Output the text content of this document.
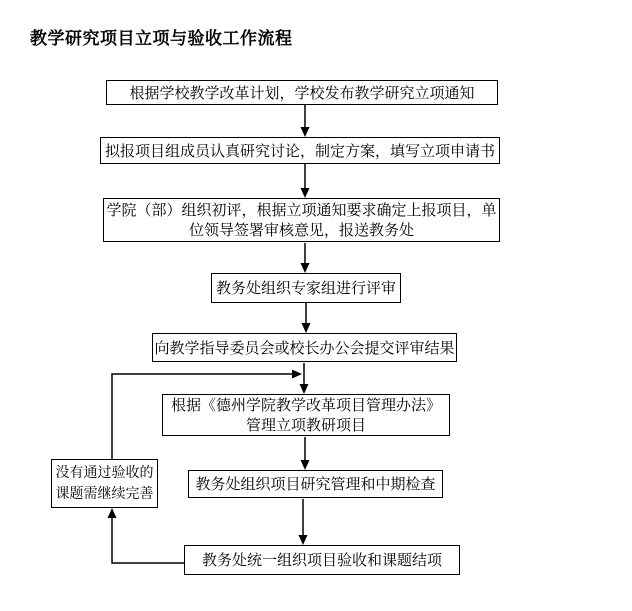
教学研究项目立项与验收工作流程
根据学校教学改革计划，学校发布教学研究立项通知
拟报项目组成员认真研究讨论，制定方案，填写立项申请书
学院（部）组织初评，根据立项通知要求确定上报项目，单
位领导签署审核意见，报送教务处
教务处组织专家组进行评审
向教学指导委员会或校长办公会提交评审结果
根据《德州学院教学改革项目管理办法》
管理立项教研项目
教务处组织项目研究管理和中期检查
教务处统一组织项目验收和课题结项
没有通过验收的
课题需继续完善
